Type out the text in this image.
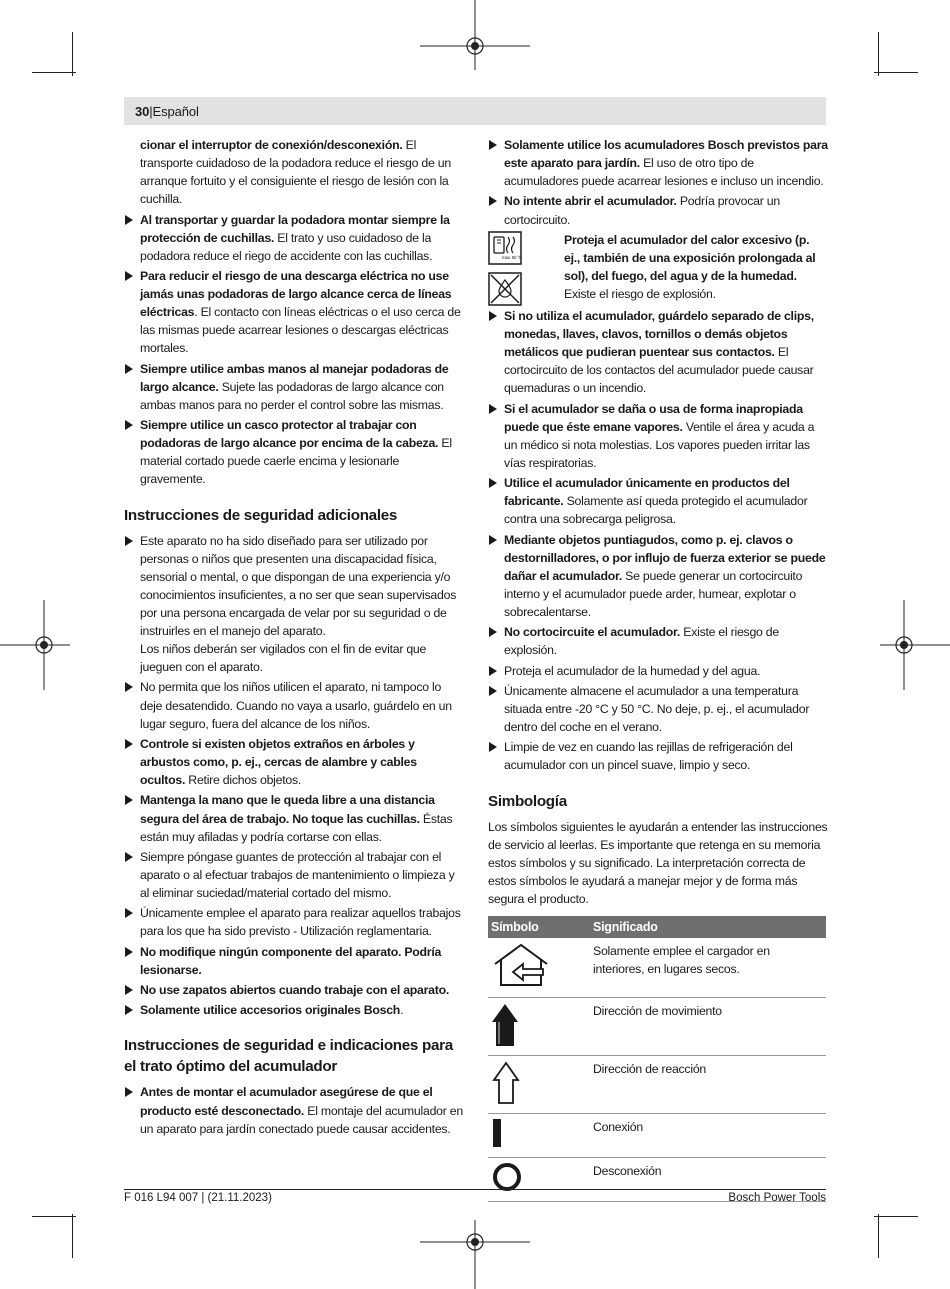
30|Español
cionar el interruptor de conexión/desconexión. El transporte cuidadoso de la podadora reduce el riesgo de un arranque fortuito y el consiguiente el riesgo de lesión con la cuchilla.
Al transportar y guardar la podadora montar siempre la protección de cuchillas. El trato y uso cuidadoso de la podadora reduce el riego de accidente con las cuchillas.
Para reducir el riesgo de una descarga eléctrica no use jamás unas podadoras de largo alcance cerca de líneas eléctricas. El contacto con líneas eléctricas o el uso cerca de las mismas puede acarrear lesiones o descargas eléctricas mortales.
Siempre utilice ambas manos al manejar podadoras de largo alcance. Sujete las podadoras de largo alcance con ambas manos para no perder el control sobre las mismas.
Siempre utilice un casco protector al trabajar con podadoras de largo alcance por encima de la cabeza. El material cortado puede caerle encima y lesionarle gravemente.
Instrucciones de seguridad adicionales
Este aparato no ha sido diseñado para ser utilizado por personas o niños que presenten una discapacidad física, sensorial o mental, o que dispongan de una experiencia y/o conocimientos insuficientes, a no ser que sean supervisados por una persona encargada de velar por su seguridad o de instruirles en el manejo del aparato.
Los niños deberán ser vigilados con el fin de evitar que jueguen con el aparato.
No permita que los niños utilicen el aparato, ni tampoco lo deje desatendido. Cuando no vaya a usarlo, guárdelo en un lugar seguro, fuera del alcance de los niños.
Controle si existen objetos extraños en árboles y arbustos como, p. ej., cercas de alambre y cables ocultos. Retire dichos objetos.
Mantenga la mano que le queda libre a una distancia segura del área de trabajo. No toque las cuchillas. Éstas están muy afiladas y podría cortarse con ellas.
Siempre póngase guantes de protección al trabajar con el aparato o al efectuar trabajos de mantenimiento o limpieza y al eliminar suciedad/material cortado del mismo.
Únicamente emplee el aparato para realizar aquellos trabajos para los que ha sido previsto - Utilización reglamentaria.
No modifique ningún componente del aparato. Podría lesionarse.
No use zapatos abiertos cuando trabaje con el aparato.
Solamente utilice accesorios originales Bosch.
Instrucciones de seguridad e indicaciones para el trato óptimo del acumulador
Antes de montar el acumulador asegúrese de que el producto esté desconectado. El montaje del acumulador en un aparato para jardín conectado puede causar accidentes.
Solamente utilice los acumuladores Bosch previstos para este aparato para jardín. El uso de otro tipo de acumuladores puede acarrear lesiones e incluso un incendio.
No intente abrir el acumulador. Podría provocar un cortocircuito.

max. 50 °C
Proteja el acumulador del calor excesivo (p. ej., también de una exposición prolongada al sol), del fuego, del agua y de la humedad. Existe el riesgo de explosión.
Si no utiliza el acumulador, guárdelo separado de clips, monedas, llaves, clavos, tornillos o demás objetos metálicos que pudieran puentear sus contactos. El cortocircuito de los contactos del acumulador puede causar quemaduras o un incendio.
Si el acumulador se daña o usa de forma inapropiada puede que éste emane vapores. Ventile el área y acuda a un médico si nota molestias. Los vapores pueden irritar las vías respiratorias.
Utilice el acumulador únicamente en productos del fabricante. Solamente así queda protegido el acumulador contra una sobrecarga peligrosa.
Mediante objetos puntiagudos, como p. ej. clavos o destornilladores, o por influjo de fuerza exterior se puede dañar el acumulador. Se puede generar un cortocircuito interno y el acumulador puede arder, humear, explotar o sobrecalentarse.
No cortocircuite el acumulador. Existe el riesgo de explosión.
Proteja el acumulador de la humedad y del agua.
Únicamente almacene el acumulador a una temperatura situada entre -20 °C y 50 °C. No deje, p. ej., el acumulador dentro del coche en el verano.
Limpie de vez en cuando las rejillas de refrigeración del acumulador con un pincel suave, limpio y seco.
Simbología
Los símbolos siguientes le ayudarán a entender las instrucciones de servicio al leerlas. Es importante que retenga en su memoria estos símbolos y su significado. La interpretación correcta de estos símbolos le ayudará a manejar mejor y de forma más segura el producto.
Símbolo	Significado
	Solamente emplee el cargador en interiores, en lugares secos.
	Dirección de movimiento
	Dirección de reacción
	Conexión
	Desconexión
F 016 L94 007 | (21.11.2023)	Bosch Power Tools
